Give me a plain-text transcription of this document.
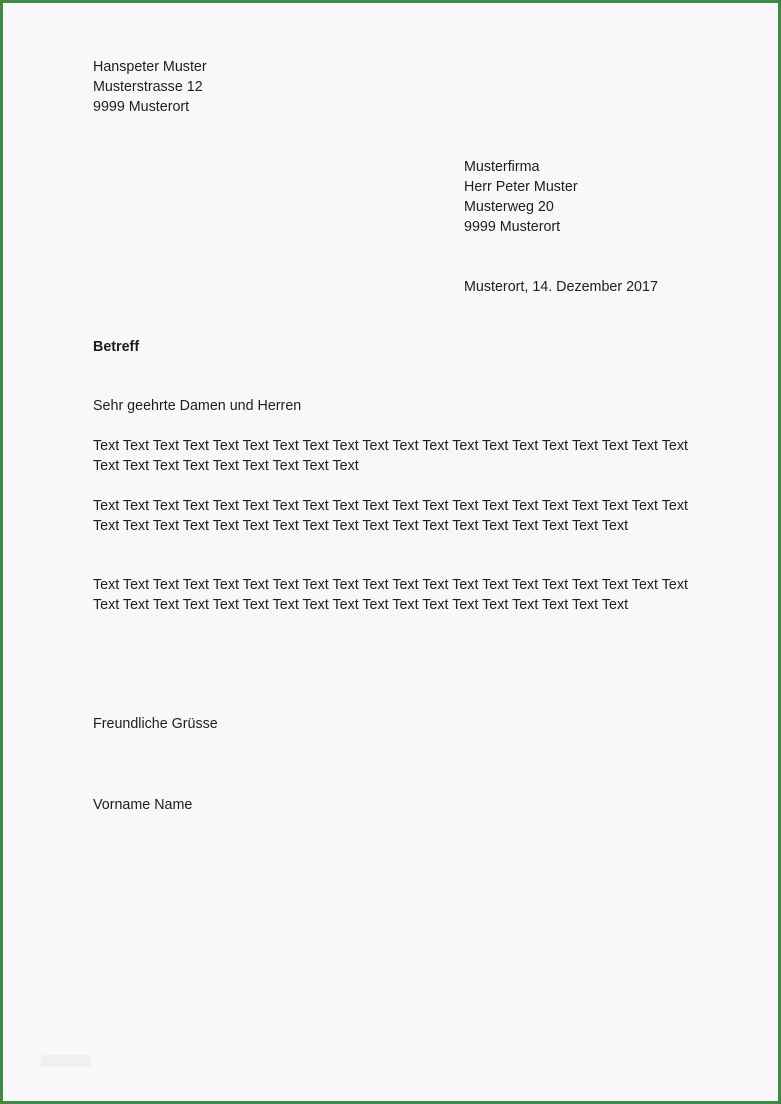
Hanspeter Muster
Musterstrasse 12
9999 Musterort
Musterfirma
Herr Peter Muster
Musterweg 20
9999 Musterort
Musterort, 14. Dezember 2017
Betreff
Sehr geehrte Damen und Herren
Text Text Text Text Text Text Text Text Text Text Text Text Text Text Text Text Text Text Text Text Text Text Text Text Text Text Text Text Text
Text Text Text Text Text Text Text Text Text Text Text Text Text Text Text Text Text Text Text Text Text Text Text Text Text Text Text Text Text Text Text Text Text Text Text Text Text Text
Text Text Text Text Text Text Text Text Text Text Text Text Text Text Text Text Text Text Text Text Text Text Text Text Text Text Text Text Text Text Text Text Text Text Text Text Text Text
Freundliche Grüsse
Vorname Name
